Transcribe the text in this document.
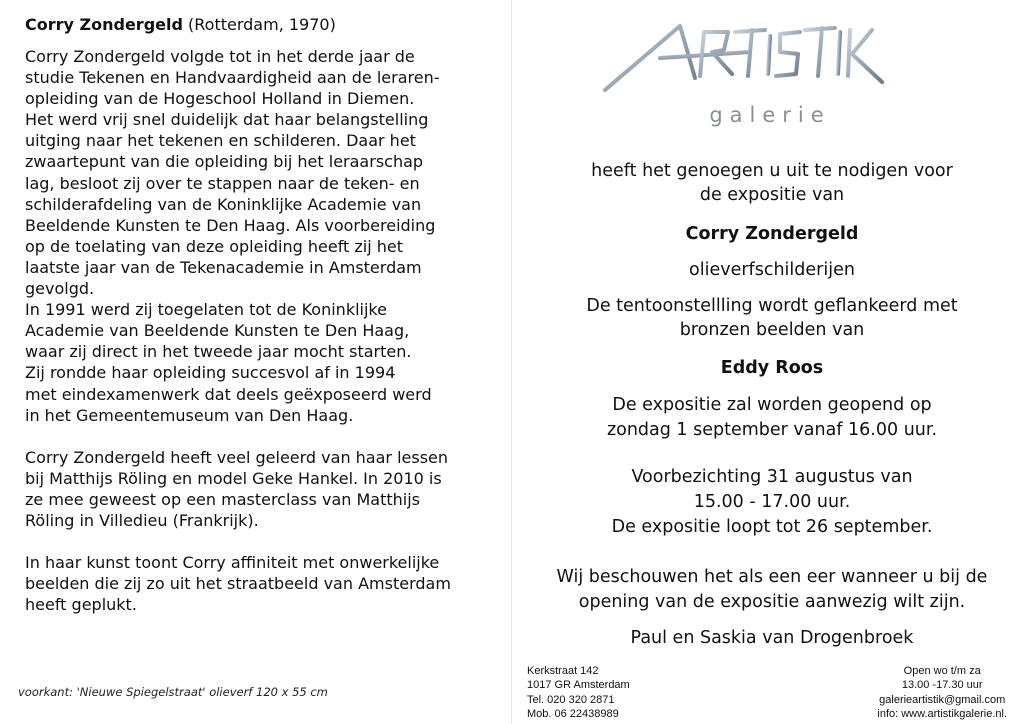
Corry Zondergeld (Rotterdam, 1970)
Corry Zondergeld volgde tot in het derde jaar de
studie Tekenen en Handvaardigheid aan de leraren-
opleiding van de Hogeschool Holland in Diemen.
Het werd vrij snel duidelijk dat haar belangstelling
uitging naar het tekenen en schilderen. Daar het
zwaartepunt van die opleiding bij het leraarschap
lag, besloot zij over te stappen naar de teken- en
schilderafdeling van de Koninklijke Academie van
Beeldende Kunsten te Den Haag. Als voorbereiding
op de toelating van deze opleiding heeft zij het
laatste jaar van de Tekenacademie in Amsterdam
gevolgd.
In 1991 werd zij toegelaten tot de Koninklijke
Academie van Beeldende Kunsten te Den Haag,
waar zij direct in het tweede jaar mocht starten.
Zij rondde haar opleiding succesvol af in 1994
met eindexamenwerk dat deels geëxposeerd werd
in het Gemeentemuseum van Den Haag.
Corry Zondergeld heeft veel geleerd van haar lessen
bij Matthijs Röling en model Geke Hankel. In 2010 is
ze mee geweest op een masterclass van Matthijs
Röling in Villedieu (Frankrijk).
In haar kunst toont Corry affiniteit met onwerkelijke
beelden die zij zo uit het straatbeeld van Amsterdam
heeft geplukt.
voorkant: 'Nieuwe Spiegelstraat' olieverf 120 x 55 cm
galerie
heeft het genoegen u uit te nodigen voor
de expositie van
Corry Zondergeld
olieverfschilderijen
De tentoonstellling wordt geflankeerd met
bronzen beelden van
Eddy Roos
De expositie zal worden geopend op
zondag 1 september vanaf 16.00 uur.
Voorbezichting 31 augustus van
15.00 - 17.00 uur.
De expositie loopt tot 26 september.
Wij beschouwen het als een eer wanneer u bij de
opening van de expositie aanwezig wilt zijn.
Paul en Saskia van Drogenbroek
Kerkstraat 142
1017 GR Amsterdam
Tel. 020 320 2871
Mob. 06 22438989
Open wo t/m za
13.00 -17.30 uur
galerieartistik@gmail.com
info: www.artistikgalerie.nl.
